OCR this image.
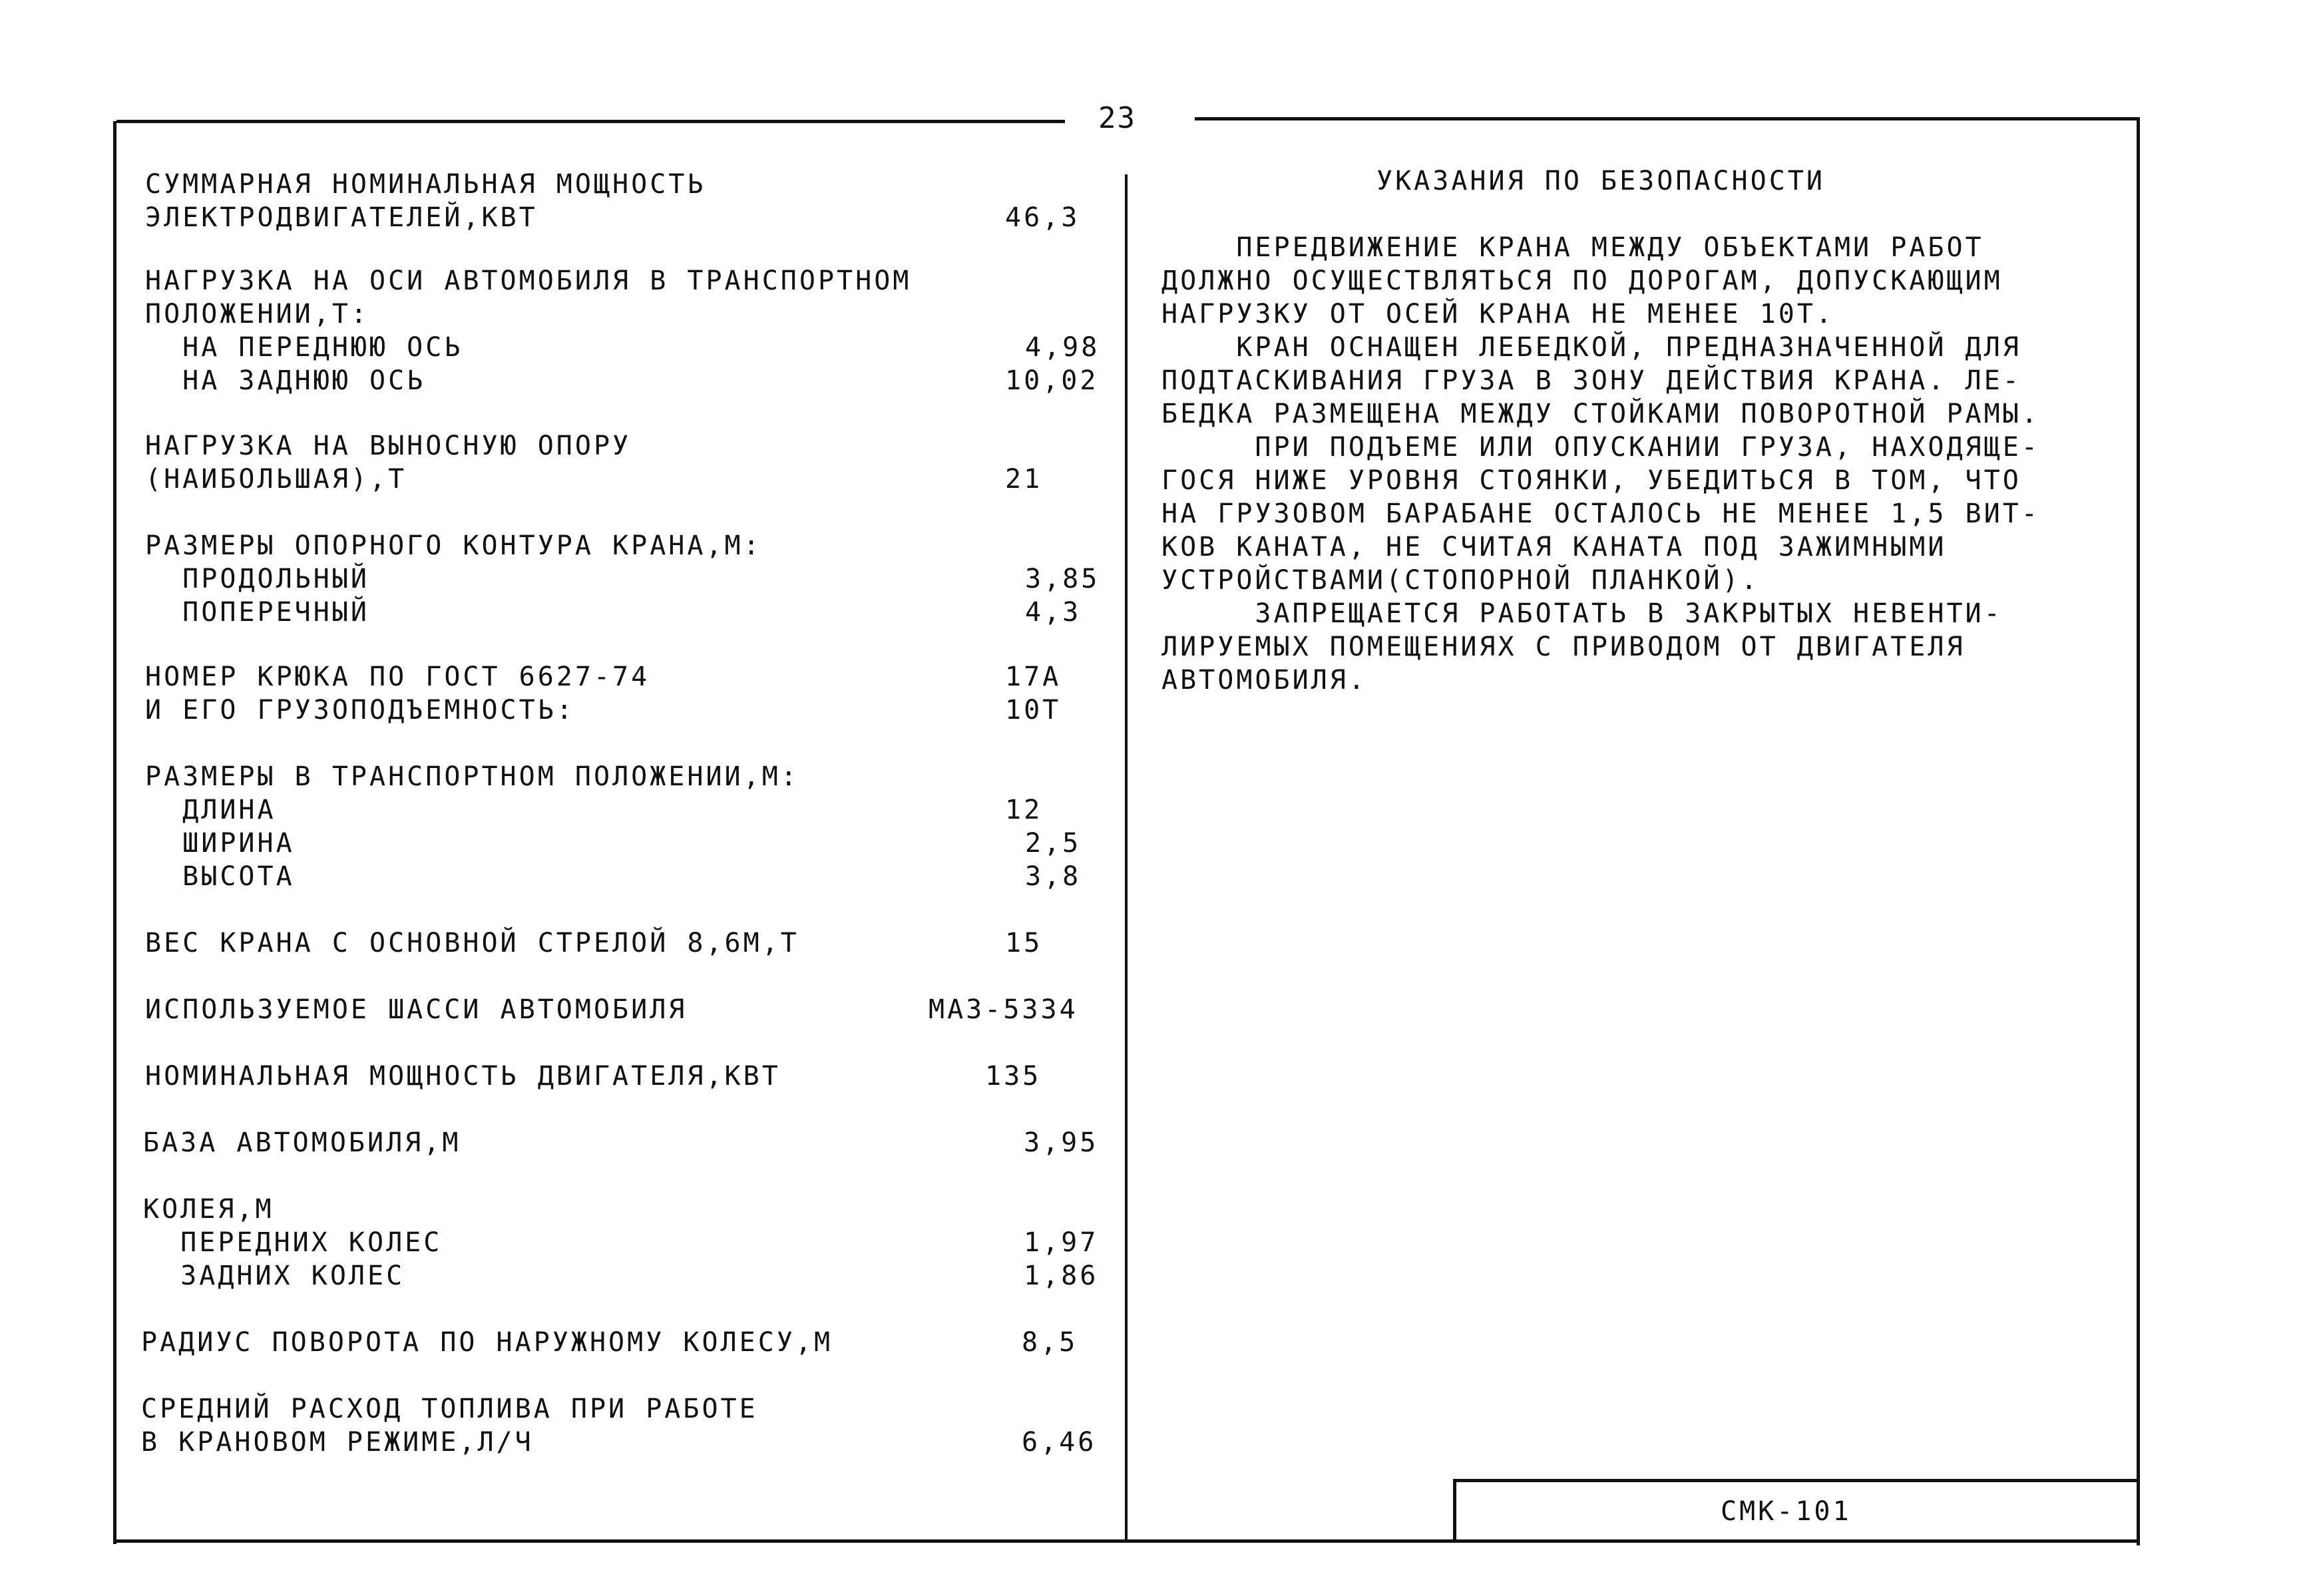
23
СУММАРНАЯ НОМИНАЛЬНАЯ МОЩНОСТЬ
ЭЛЕКТРОДВИГАТЕЛЕЙ,КВТ	46,3
НАГРУЗКА НА ОСИ АВТОМОБИЛЯ В ТРАНСПОРТНОМ
ПОЛОЖЕНИИ,Т:
НА ПЕРЕДНЮЮ ОСЬ	4,98
НА ЗАДНЮЮ ОСЬ	10,02
НАГРУЗКА НА ВЫНОСНУЮ ОПОРУ
(НАИБОЛЬШАЯ),Т	21
РАЗМЕРЫ ОПОРНОГО КОНТУРА КРАНА,М:
ПРОДОЛЬНЫЙ	3,85
ПОПЕРЕЧНЫЙ	4,3
НОМЕР КРЮКА ПО ГОСТ 6627-74	17А
И ЕГО ГРУЗОПОДЪЕМНОСТЬ:	10Т
РАЗМЕРЫ В ТРАНСПОРТНОМ ПОЛОЖЕНИИ,М:
ДЛИНА	12
ШИРИНА	2,5
ВЫСОТА	3,8
ВЕС КРАНА С ОСНОВНОЙ СТРЕЛОЙ 8,6М,Т	15
ИСПОЛЬЗУЕМОЕ ШАССИ АВТОМОБИЛЯ	МАЗ-5334
НОМИНАЛЬНАЯ МОЩНОСТЬ ДВИГАТЕЛЯ,КВТ	135
БАЗА АВТОМОБИЛЯ,М	3,95
КОЛЕЯ,М
ПЕРЕДНИХ КОЛЕС	1,97
ЗАДНИХ КОЛЕС	1,86
РАДИУС ПОВОРОТА ПО НАРУЖНОМУ КОЛЕСУ,М	8,5
СРЕДНИЙ РАСХОД ТОПЛИВА ПРИ РАБОТЕ
В КРАНОВОМ РЕЖИМЕ,Л/Ч	6,46
УКАЗАНИЯ ПО БЕЗОПАСНОСТИ
ПЕРЕДВИЖЕНИЕ КРАНА МЕЖДУ ОБЪЕКТАМИ РАБОТ
ДОЛЖНО ОСУЩЕСТВЛЯТЬСЯ ПО ДОРОГАМ, ДОПУСКАЮЩИМ
НАГРУЗКУ ОТ ОСЕЙ КРАНА НЕ МЕНЕЕ 10Т.
КРАН ОСНАЩЕН ЛЕБЕДКОЙ, ПРЕДНАЗНАЧЕННОЙ ДЛЯ
ПОДТАСКИВАНИЯ ГРУЗА В ЗОНУ ДЕЙСТВИЯ КРАНА. ЛЕ-
БЕДКА РАЗМЕЩЕНА МЕЖДУ СТОЙКАМИ ПОВОРОТНОЙ РАМЫ.
ПРИ ПОДЪЕМЕ ИЛИ ОПУСКАНИИ ГРУЗА, НАХОДЯЩЕ-
ГОСЯ НИЖЕ УРОВНЯ СТОЯНКИ, УБЕДИТЬСЯ В ТОМ, ЧТО
НА ГРУЗОВОМ БАРАБАНЕ ОСТАЛОСЬ НЕ МЕНЕЕ 1,5 ВИТ-
КОВ КАНАТА, НЕ СЧИТАЯ КАНАТА ПОД ЗАЖИМНЫМИ
УСТРОЙСТВАМИ(СТОПОРНОЙ ПЛАНКОЙ).
ЗАПРЕЩАЕТСЯ РАБОТАТЬ В ЗАКРЫТЫХ НЕВЕНТИ-
ЛИРУЕМЫХ ПОМЕЩЕНИЯХ С ПРИВОДОМ ОТ ДВИГАТЕЛЯ
АВТОМОБИЛЯ.
СМК-101
